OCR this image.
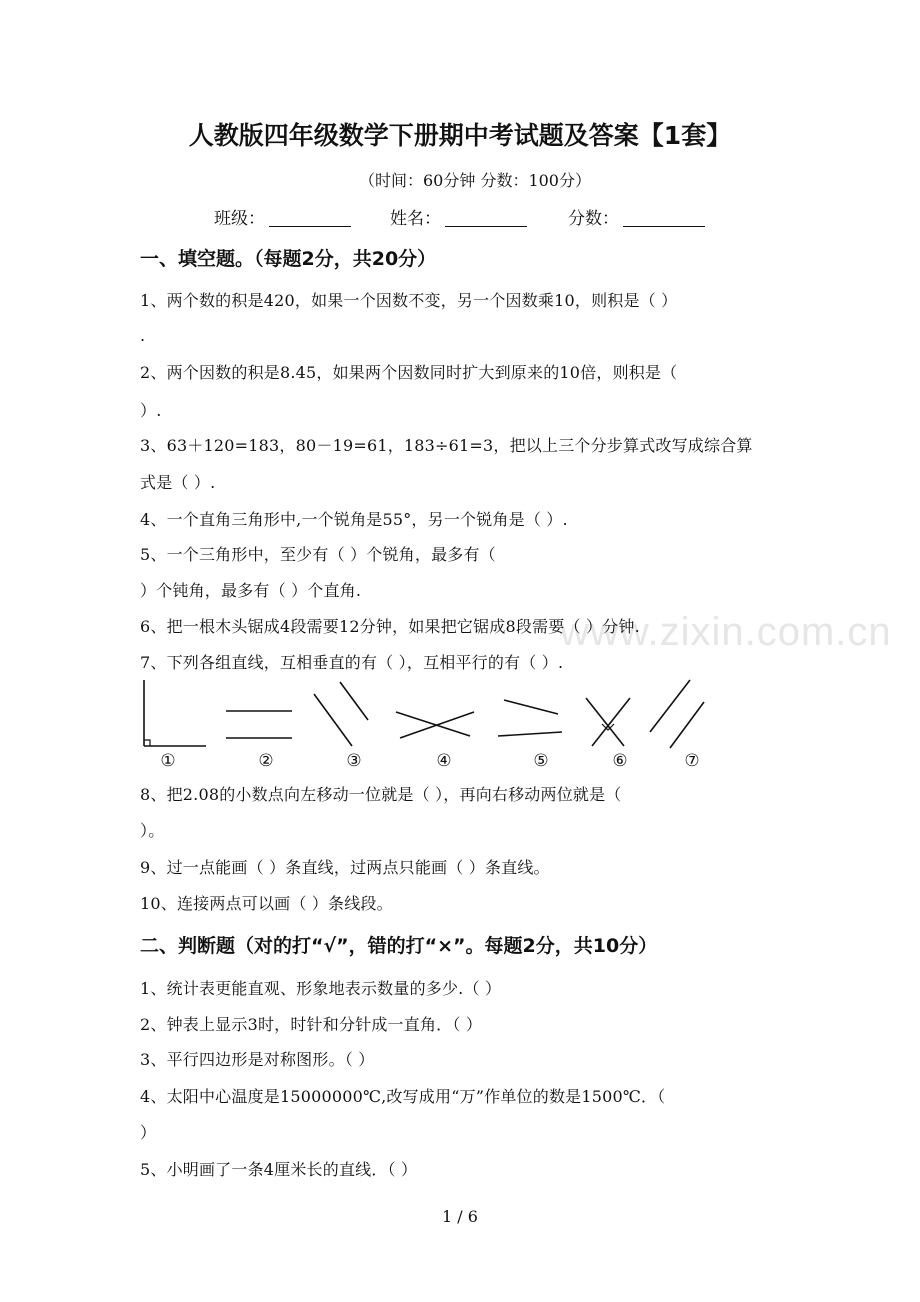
人教版四年级数学下册期中考试题及答案【1套】
（时间：60分钟 分数：100分）
班级：	姓名：	分数：
www.zixin.com.cn
一、填空题。（每题2分，共20分）
1、两个数的积是420，如果一个因数不变，另一个因数乘10，则积是（ ）
.
2、两个因数的积是8.45，如果两个因数同时扩大到原来的10倍，则积是（
）.
3、63＋120=183，80－19=61，183÷61=3，把以上三个分步算式改写成综合算
式是（ ）.
4、一个直角三角形中,一个锐角是55°，另一个锐角是（ ）.
5、一个三角形中，至少有（ ）个锐角，最多有（
）个钝角，最多有（ ）个直角.
6、把一根木头锯成4段需要12分钟，如果把它锯成8段需要（ ）分钟.
7、下列各组直线，互相垂直的有（ ），互相平行的有（ ）.
①	②	③	④	⑤	⑥	⑦
8、把2.08的小数点向左移动一位就是（ ），再向右移动两位就是（
）。
9、过一点能画（ ）条直线，过两点只能画（ ）条直线。
10、连接两点可以画（ ）条线段。
二、判断题（对的打“√”，错的打“×”。每题2分，共10分）
1、统计表更能直观、形象地表示数量的多少.（ ）
2、钟表上显示3时，时针和分针成一直角．（ ）
3、平行四边形是对称图形。（ ）
4、太阳中心温度是15000000℃,改写成用“万”作单位的数是1500℃．（
）
5、小明画了一条4厘米长的直线．（ ）
1 / 6
